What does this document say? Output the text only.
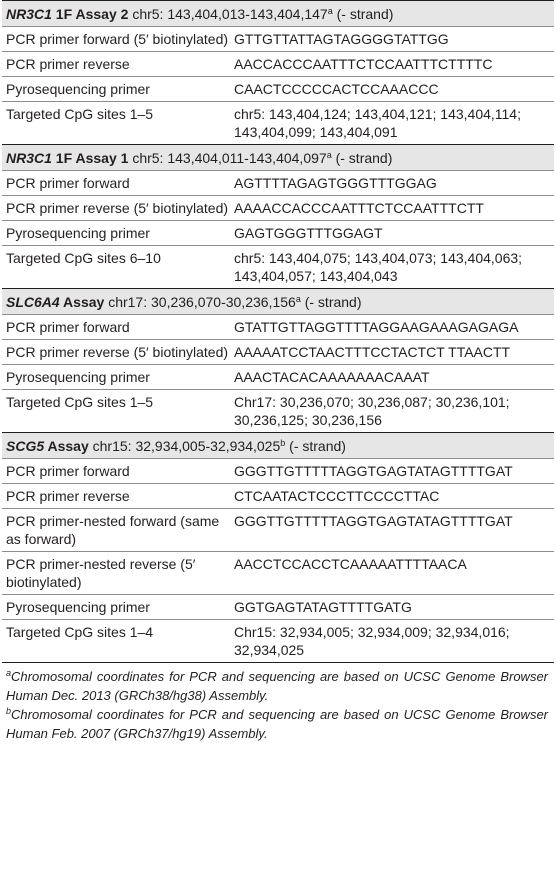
NR3C1 1F Assay 2 chr5: 143,404,013-143,404,147$^a$ (- strand)
PCR primer forward (5′ biotinylated) GTTGTTATTAGTAGGGGTATTGG
PCR primer reverse	AACCACCCAATTTCTCCAATTTCTTTTC
Pyrosequencing primer	CAACTCCCCCACTCCAAACCC
Targeted CpG sites 1–5	chr5: 143,404,124; 143,404,121; 143,404,114; 143,404,099; 143,404,091
NR3C1 1F Assay 1 chr5: 143,404,011-143,404,097$^a$ (- strand)
PCR primer forward	AGTTTTAGAGTGGGTTTGGAG
PCR primer reverse (5′ biotinylated) AAAACCACCCAATTTCTCCAATTTCTT
Pyrosequencing primer	GAGTGGGTTTGGAGT
Targeted CpG sites 6–10	chr5: 143,404,075; 143,404,073; 143,404,063; 143,404,057; 143,404,043
SLC6A4 Assay chr17: 30,236,070-30,236,156$^a$ (- strand)
PCR primer forward	GTATTGTTAGGTTTTAGGAAGAAAGAGAGA
PCR primer reverse (5′ biotinylated) AAAAATCCTAACTTTCCTACTCT TTAACTT
Pyrosequencing primer	AAACTACACAAAAAAACAAAT
Targeted CpG sites 1–5	Chr17: 30,236,070; 30,236,087; 30,236,101; 30,236,125; 30,236,156
SCG5 Assay chr15: 32,934,005-32,934,025$^b$ (- strand)
PCR primer forward	GGGTTGTTTTTAGGTGAGTATAGTTTTGAT
PCR primer reverse	CTCAATACTCCCTTCCCCTTAC
PCR primer-nested forward (same as forward)
GGGTTGTTTTTAGGTGAGTATAGTTTTGAT
PCR primer-nested reverse (5′ biotinylated)
AACCTCCACCTCAAAAATTTTAACA
Pyrosequencing primer	GGTGAGTATAGTTTTGATG
Targeted CpG sites 1–4	Chr15: 32,934,005; 32,934,009; 32,934,016; 32,934,025
$^a$Chromosomal coordinates for PCR and sequencing are based on UCSC Genome Browser Human Dec. 2013 (GRCh38/hg38) Assembly.
$^b$Chromosomal coordinates for PCR and sequencing are based on UCSC Genome Browser Human Feb. 2007 (GRCh37/hg19) Assembly.
